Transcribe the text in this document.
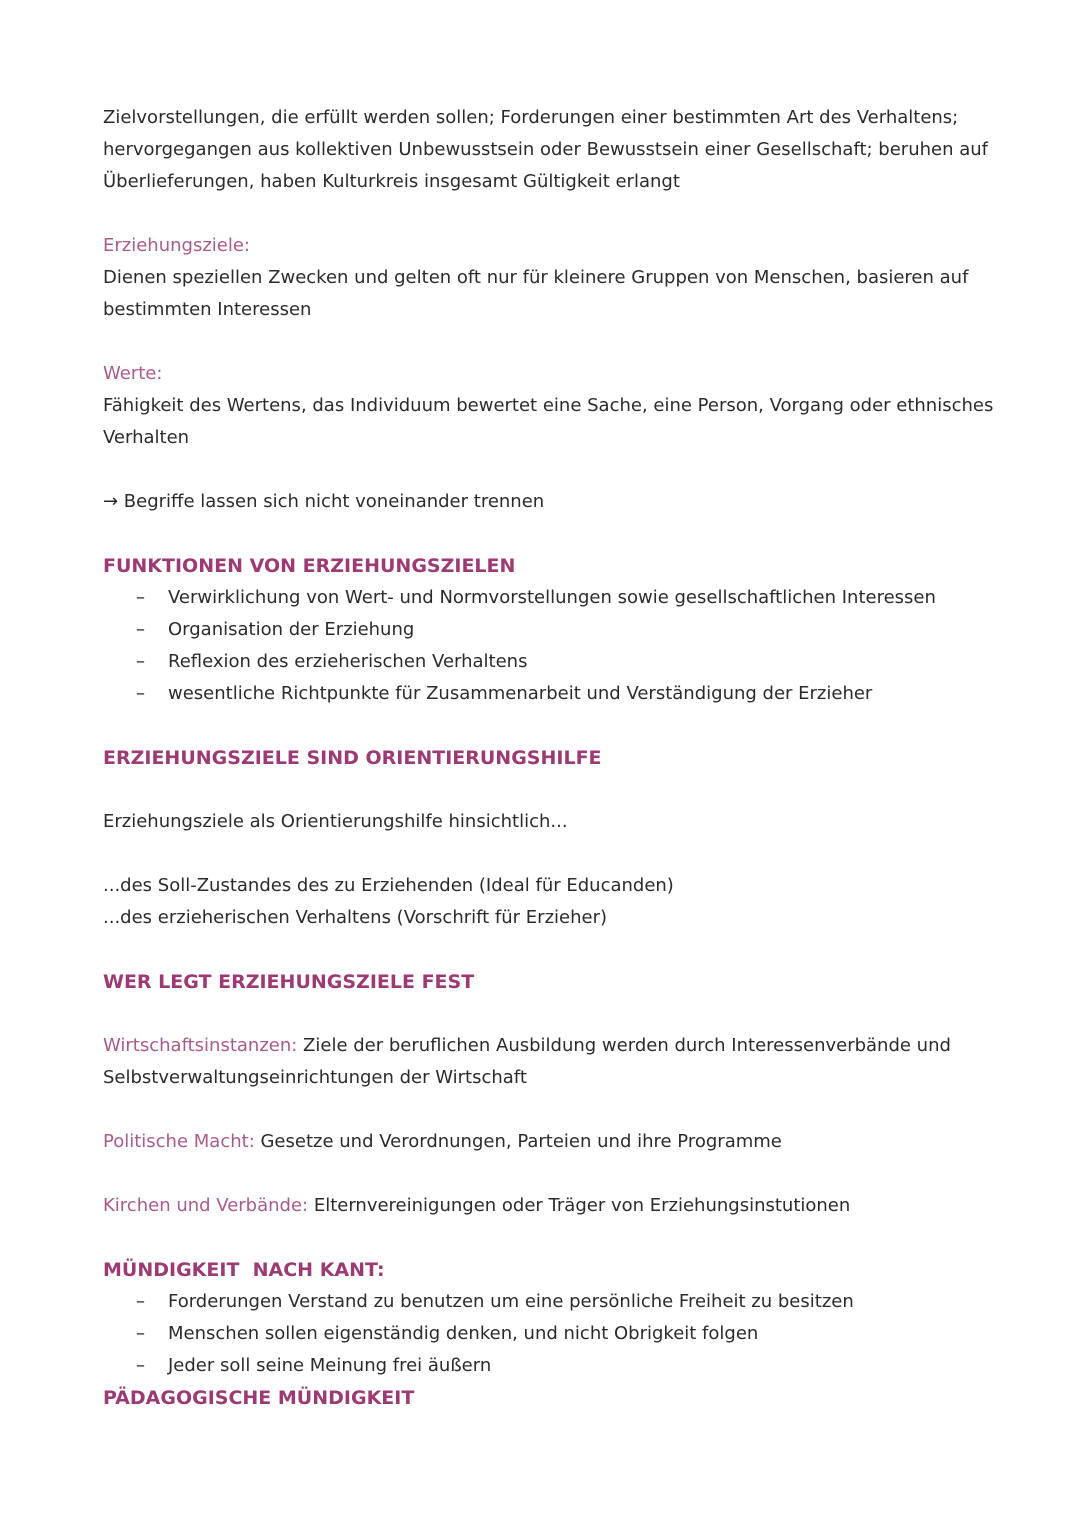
Zielvorstellungen, die erfüllt werden sollen; Forderungen einer bestimmten Art des Verhaltens;

hervorgegangen aus kollektiven Unbewusstsein oder Bewusstsein einer Gesellschaft; beruhen auf

Überlieferungen, haben Kulturkreis insgesamt Gültigkeit erlangt

Erziehungsziele:

Dienen speziellen Zwecken und gelten oft nur für kleinere Gruppen von Menschen, basieren auf

bestimmten Interessen

Werte:

Fähigkeit des Wertens, das Individuum bewertet eine Sache, eine Person, Vorgang oder ethnisches

Verhalten

→ Begriffe lassen sich nicht voneinander trennen

FUNKTIONEN VON ERZIEHUNGSZIELEN

– Verwirklichung von Wert- und Normvorstellungen sowie gesellschaftlichen Interessen
– Organisation der Erziehung
– Reflexion des erzieherischen Verhaltens
– wesentliche Richtpunkte für Zusammenarbeit und Verständigung der Erzieher

ERZIEHUNGSZIELE SIND ORIENTIERUNGSHILFE

Erziehungsziele als Orientierungshilfe hinsichtlich...

...des Soll-Zustandes des zu Erziehenden (Ideal für Educanden)

...des erzieherischen Verhaltens (Vorschrift für Erzieher)

WER LEGT ERZIEHUNGSZIELE FEST

Wirtschaftsinstanzen: Ziele der beruflichen Ausbildung werden durch Interessenverbände und

Selbstverwaltungseinrichtungen der Wirtschaft

Politische Macht: Gesetze und Verordnungen, Parteien und ihre Programme

Kirchen und Verbände: Elternvereinigungen oder Träger von Erziehungsinstutionen

MÜNDIGKEIT  NACH KANT:

– Forderungen Verstand zu benutzen um eine persönliche Freiheit zu besitzen
– Menschen sollen eigenständig denken, und nicht Obrigkeit folgen
– Jeder soll seine Meinung frei äußern

PÄDAGOGISCHE MÜNDIGKEIT
